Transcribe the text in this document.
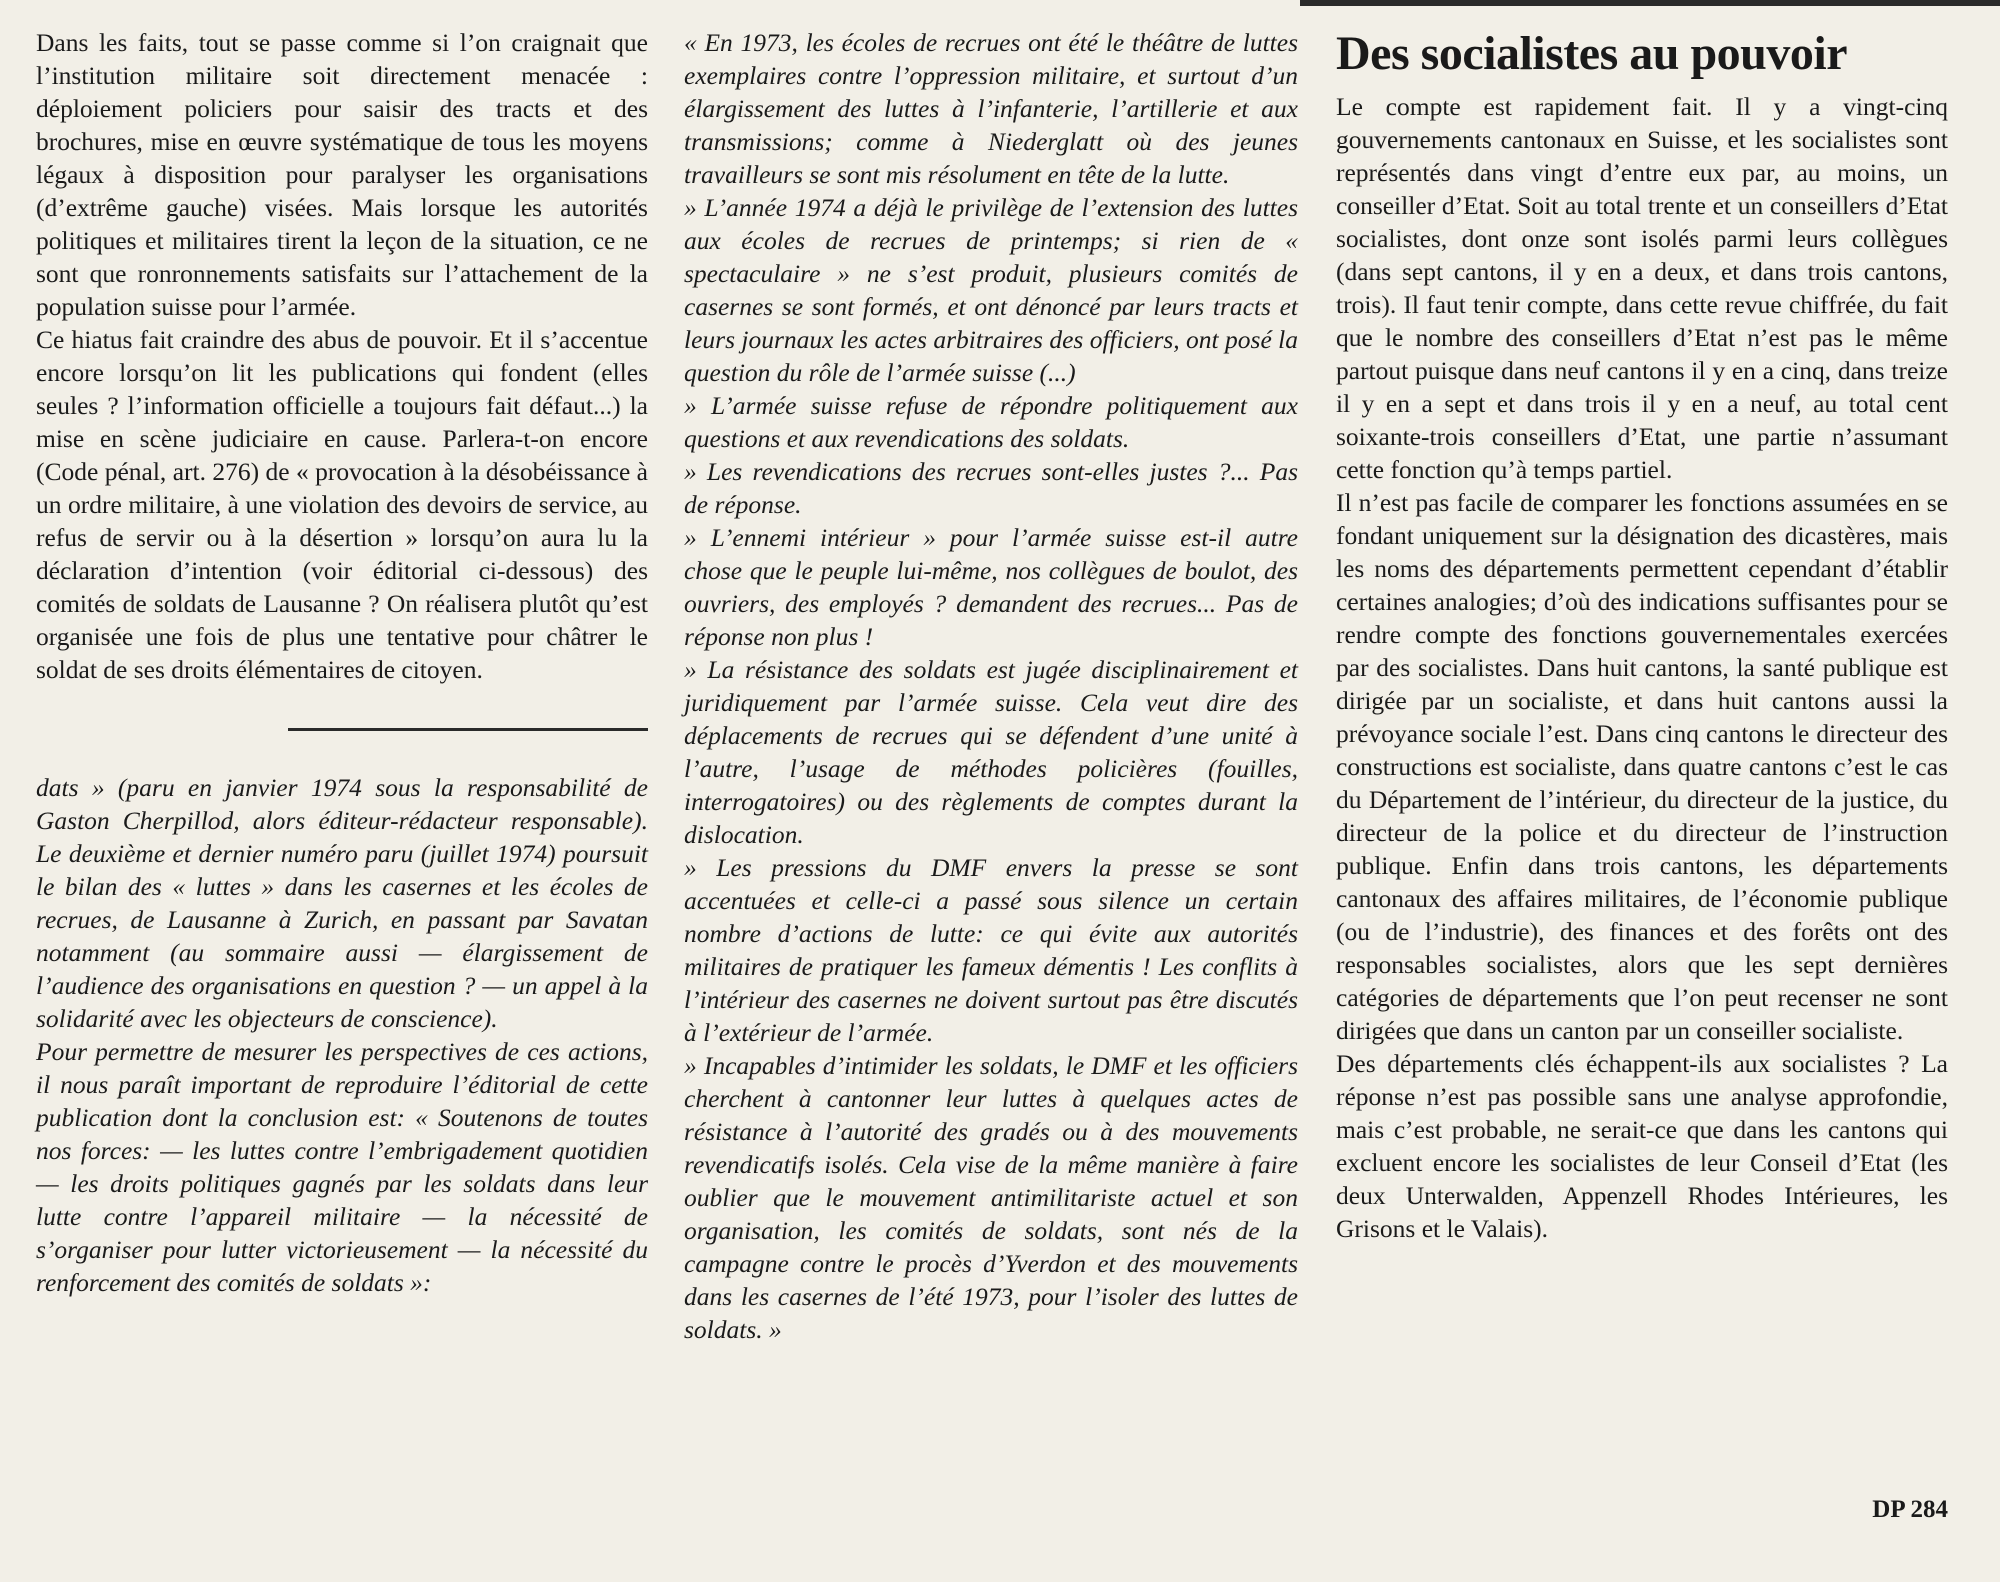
Dans les faits, tout se passe comme si l’on craignait que l’institution militaire soit directement menacée : déploiement policiers pour saisir des tracts et des brochures, mise en œuvre systématique de tous les moyens légaux à disposition pour paralyser les organisations (d’extrême gauche) visées. Mais lorsque les autorités politiques et militaires tirent la leçon de la situation, ce ne sont que ronronnements satisfaits sur l’attachement de la population suisse pour l’armée.

Ce hiatus fait craindre des abus de pouvoir. Et il s’accentue encore lorsqu’on lit les publications qui fondent (elles seules ? l’information officielle a toujours fait défaut...) la mise en scène judiciaire en cause. Parlera-t-on encore (Code pénal, art. 276) de « provocation à la désobéissance à un ordre militaire, à une violation des devoirs de service, au refus de servir ou à la désertion » lorsqu’on aura lu la déclaration d’intention (voir éditorial ci-dessous) des comités de soldats de Lausanne ? On réalisera plutôt qu’est organisée une fois de plus une tentative pour châtrer le soldat de ses droits élémentaires de citoyen.

dats » (paru en janvier 1974 sous la responsabilité de Gaston Cherpillod, alors éditeur-rédacteur responsable). Le deuxième et dernier numéro paru (juillet 1974) poursuit le bilan des « luttes » dans les casernes et les écoles de recrues, de Lausanne à Zurich, en passant par Savatan notamment (au sommaire aussi — élargissement de l’audience des organisations en question ? — un appel à la solidarité avec les objecteurs de conscience).

Pour permettre de mesurer les perspectives de ces actions, il nous paraît important de reproduire l’éditorial de cette publication dont la conclusion est: « Soutenons de toutes nos forces: — les luttes contre l’embrigadement quotidien — les droits politiques gagnés par les soldats dans leur lutte contre l’appareil militaire — la nécessité de s’organiser pour lutter victorieusement — la nécessité du renforcement des comités de soldats »:

« En 1973, les écoles de recrues ont été le théâtre de luttes exemplaires contre l’oppression militaire, et surtout d’un élargissement des luttes à l’infanterie, l’artillerie et aux transmissions; comme à Niederglatt où des jeunes travailleurs se sont mis résolument en tête de la lutte.

» L’année 1974 a déjà le privilège de l’extension des luttes aux écoles de recrues de printemps; si rien de « spectaculaire » ne s’est produit, plusieurs comités de casernes se sont formés, et ont dénoncé par leurs tracts et leurs journaux les actes arbitraires des officiers, ont posé la question du rôle de l’armée suisse (...)

» L’armée suisse refuse de répondre politiquement aux questions et aux revendications des soldats.

» Les revendications des recrues sont-elles justes ?... Pas de réponse.

» L’ennemi intérieur » pour l’armée suisse est-il autre chose que le peuple lui-même, nos collègues de boulot, des ouvriers, des employés ? demandent des recrues... Pas de réponse non plus !

» La résistance des soldats est jugée disciplinairement et juridiquement par l’armée suisse. Cela veut dire des déplacements de recrues qui se défendent d’une unité à l’autre, l’usage de méthodes policières (fouilles, interrogatoires) ou des règlements de comptes durant la dislocation.

» Les pressions du DMF envers la presse se sont accentuées et celle-ci a passé sous silence un certain nombre d’actions de lutte: ce qui évite aux autorités militaires de pratiquer les fameux démentis ! Les conflits à l’intérieur des casernes ne doivent surtout pas être discutés à l’extérieur de l’armée.

» Incapables d’intimider les soldats, le DMF et les officiers cherchent à cantonner leur luttes à quelques actes de résistance à l’autorité des gradés ou à des mouvements revendicatifs isolés. Cela vise de la même manière à faire oublier que le mouvement antimilitariste actuel et son organisation, les comités de soldats, sont nés de la campagne contre le procès d’Yverdon et des mouvements dans les casernes de l’été 1973, pour l’isoler des luttes de soldats. »

Des socialistes au pouvoir

Le compte est rapidement fait. Il y a vingt-cinq gouvernements cantonaux en Suisse, et les socialistes sont représentés dans vingt d’entre eux par, au moins, un conseiller d’Etat. Soit au total trente et un conseillers d’Etat socialistes, dont onze sont isolés parmi leurs collègues (dans sept cantons, il y en a deux, et dans trois cantons, trois). Il faut tenir compte, dans cette revue chiffrée, du fait que le nombre des conseillers d’Etat n’est pas le même partout puisque dans neuf cantons il y en a cinq, dans treize il y en a sept et dans trois il y en a neuf, au total cent soixante-trois conseillers d’Etat, une partie n’assumant cette fonction qu’à temps partiel.

Il n’est pas facile de comparer les fonctions assumées en se fondant uniquement sur la désignation des dicastères, mais les noms des départements permettent cependant d’établir certaines analogies; d’où des indications suffisantes pour se rendre compte des fonctions gouvernementales exercées par des socialistes. Dans huit cantons, la santé publique est dirigée par un socialiste, et dans huit cantons aussi la prévoyance sociale l’est. Dans cinq cantons le directeur des constructions est socialiste, dans quatre cantons c’est le cas du Département de l’intérieur, du directeur de la justice, du directeur de la police et du directeur de l’instruction publique. Enfin dans trois cantons, les départements cantonaux des affaires militaires, de l’économie publique (ou de l’industrie), des finances et des forêts ont des responsables socialistes, alors que les sept dernières catégories de départements que l’on peut recenser ne sont dirigées que dans un canton par un conseiller socialiste.

Des départements clés échappent-ils aux socialistes ? La réponse n’est pas possible sans une analyse approfondie, mais c’est probable, ne serait-ce que dans les cantons qui excluent encore les socialistes de leur Conseil d’Etat (les deux Unterwalden, Appenzell Rhodes Intérieures, les Grisons et le Valais).

DP 284
